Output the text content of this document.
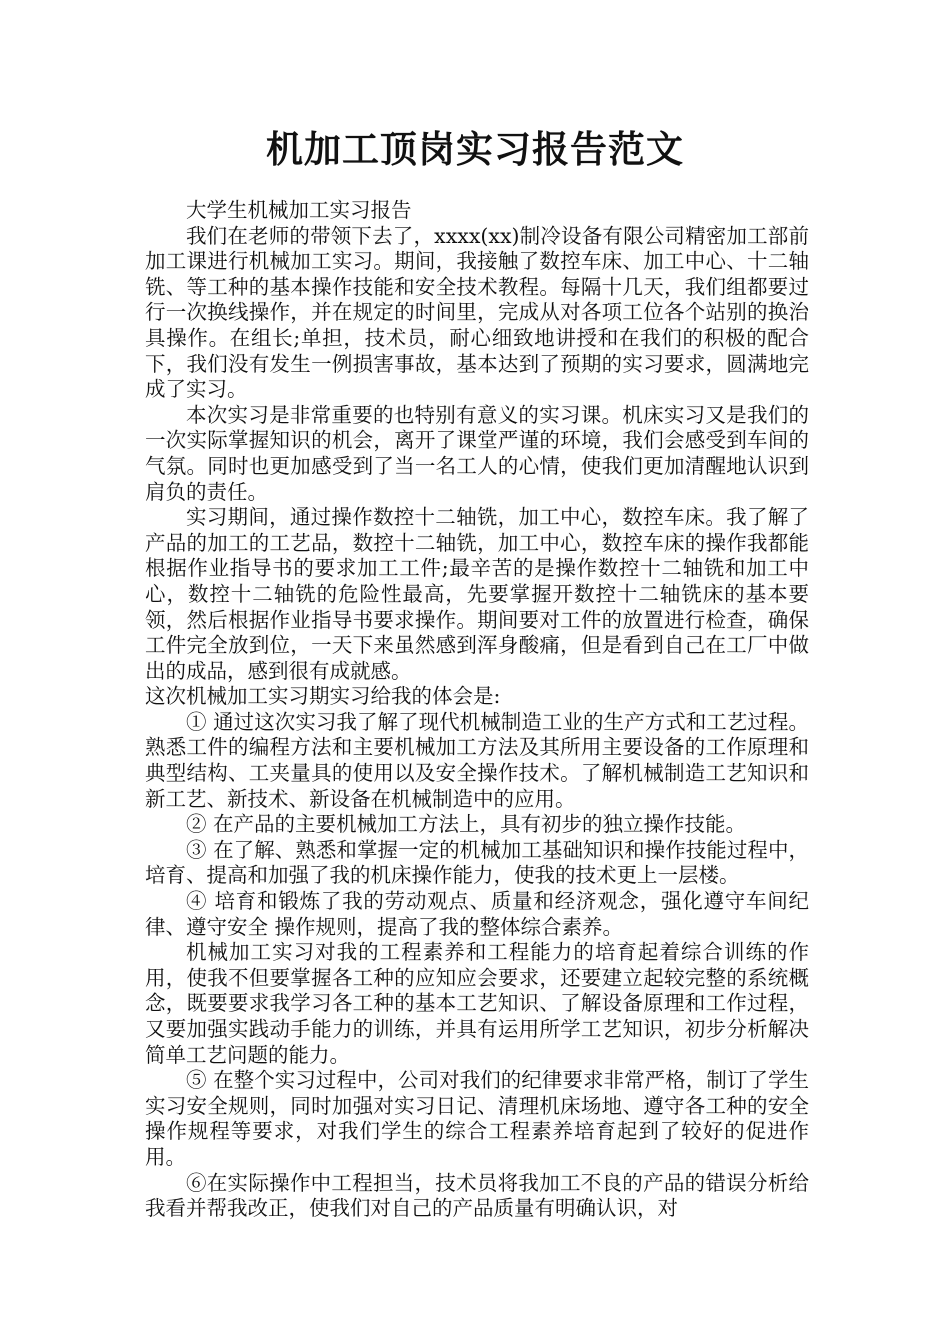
机加工顶岗实习报告范文

大学生机械加工实习报告

我们在老师的带领下去了，xxxx(xx)制冷设备有限公司精密加工部前加工课进行机械加工实习。期间，我接触了数控车床、加工中心、十二轴铣、等工种的基本操作技能和安全技术教程。每隔十几天，我们组都要过行一次换线操作，并在规定的时间里，完成从对各项工位各个站别的换治具操作。在组长;单担，技术员，耐心细致地讲授和在我们的积极的配合下，我们没有发生一例损害事故，基本达到了预期的实习要求，圆满地完成了实习。

本次实习是非常重要的也特别有意义的实习课。机床实习又是我们的一次实际掌握知识的机会，离开了课堂严谨的环境，我们会感受到车间的气氛。同时也更加感受到了当一名工人的心情，使我们更加清醒地认识到肩负的责任。

实习期间，通过操作数控十二轴铣，加工中心，数控车床。我了解了产品的加工的工艺品，数控十二轴铣，加工中心，数控车床的操作我都能根据作业指导书的要求加工工件;最辛苦的是操作数控十二轴铣和加工中心，数控十二轴铣的危险性最高，先要掌握开数控十二轴铣床的基本要领，然后根据作业指导书要求操作。期间要对工件的放置进行检查，确保工件完全放到位，一天下来虽然感到浑身酸痛，但是看到自己在工厂中做出的成品，感到很有成就感。

这次机械加工实习期实习给我的体会是:

① 通过这次实习我了解了现代机械制造工业的生产方式和工艺过程。熟悉工件的编程方法和主要机械加工方法及其所用主要设备的工作原理和典型结构、工夹量具的使用以及安全操作技术。了解机械制造工艺知识和新工艺、新技术、新设备在机械制造中的应用。

② 在产品的主要机械加工方法上，具有初步的独立操作技能。

③ 在了解、熟悉和掌握一定的机械加工基础知识和操作技能过程中，培育、提高和加强了我的机床操作能力，使我的技术更上一层楼。

④ 培育和锻炼了我的劳动观点、质量和经济观念，强化遵守车间纪律、遵守安全 操作规则，提高了我的整体综合素养。

机械加工实习对我的工程素养和工程能力的培育起着综合训练的作用，使我不但要掌握各工种的应知应会要求，还要建立起较完整的系统概念，既要要求我学习各工种的基本工艺知识、了解设备原理和工作过程，又要加强实践动手能力的训练，并具有运用所学工艺知识，初步分析解决简单工艺问题的能力。

⑤ 在整个实习过程中，公司对我们的纪律要求非常严格，制订了学生实习安全规则，同时加强对实习日记、清理机床场地、遵守各工种的安全操作规程等要求，对我们学生的综合工程素养培育起到了较好的促进作用。

⑥在实际操作中工程担当，技术员将我加工不良的产品的错误分析给我看并帮我改正，使我们对自己的产品质量有明确认识，对
